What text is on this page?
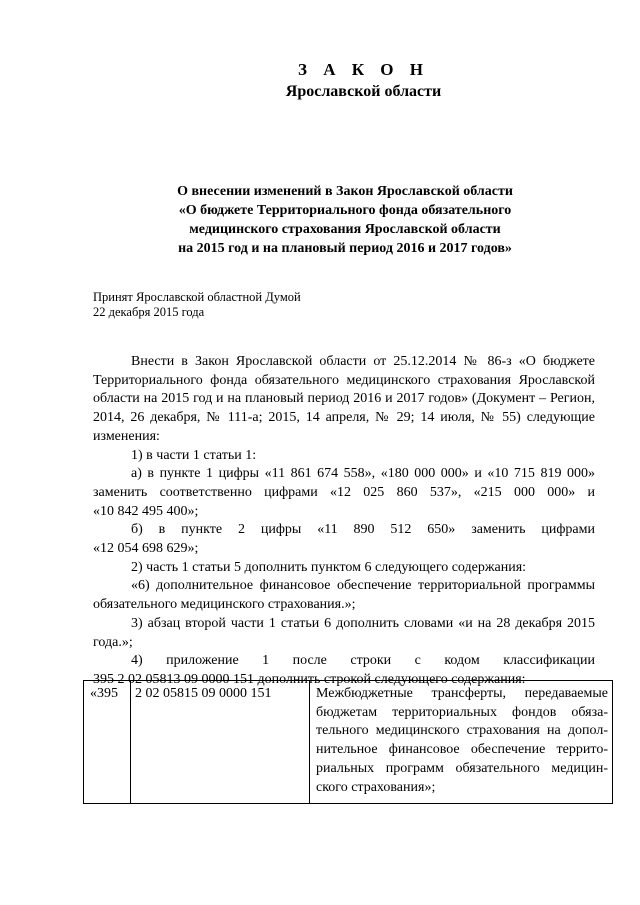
З А К О Н
Ярославской области
О внесении изменений в Закон Ярославской области
«О бюджете Территориального фонда обязательного
медицинского страхования Ярославской области
на 2015 год и на плановый период 2016 и 2017 годов»
Принят Ярославской областной Думой
22 декабря 2015 года

Внести в Закон Ярославской области от 25.12.2014 № 86-з «О бюджете Территориального фонда обязательного медицинского страхования Ярославской области на 2015 год и на плановый период 2016 и 2017 годов» (Документ – Регион, 2014, 26 декабря, № 111-а; 2015, 14 апреля, № 29; 14 июля, № 55) следующие изменения:

1) в части 1 статьи 1:

а) в пункте 1 цифры «11 861 674 558», «180 000 000» и «10 715 819 000»

заменить соответственно цифрами «12 025 860 537», «215 000 000» и

«10 842 495 400»;

б) в пункте 2 цифры «11 890 512 650» заменить цифрами

«12 054 698 629»;

2) часть 1 статьи 5 дополнить пунктом 6 следующего содержания:

«6) дополнительное финансовое обеспечение территориальной программы обязательного медицинского страхования.»;

3) абзац второй части 1 статьи 6 дополнить словами «и на 28 декабря 2015 года.»;

4) приложение 1 после строки с кодом классификации

395 2 02 05813 09 0000 151 дополнить строкой следующего содержания:

«395	2 02 05815 09 0000 151	Межбюджетные трансферты, передаваемые бюджетам территориальных фондов обязательного медицинского страхования на дополнительное финансовое обеспечение территориальных программ обязательного медицинского страхования»;
